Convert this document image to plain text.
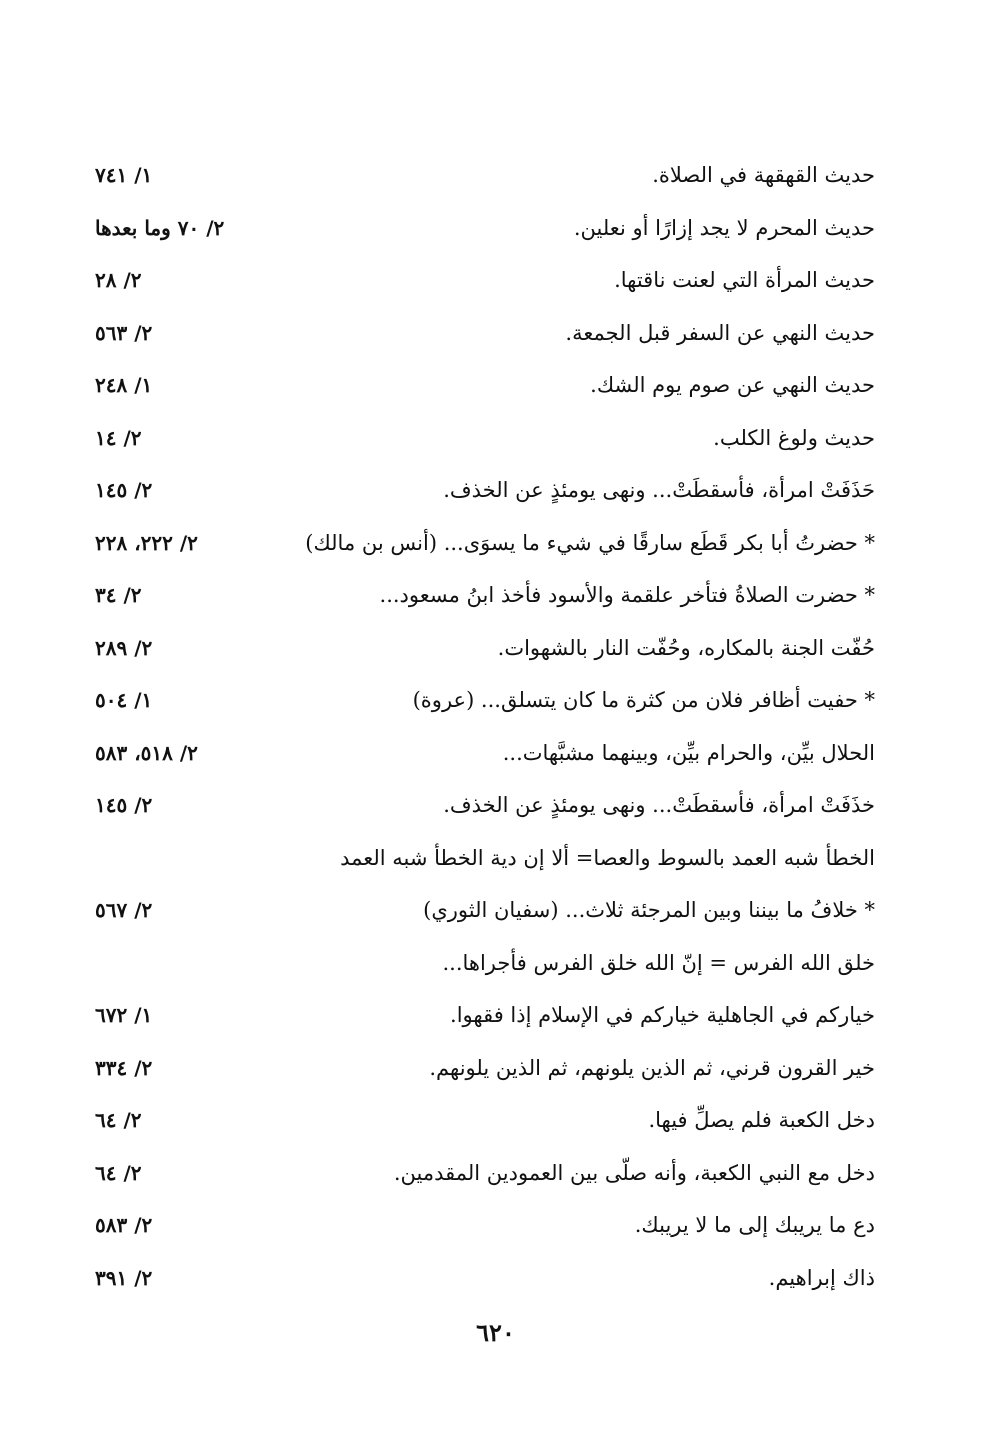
حديث القهقهة في الصلاة.
١/ ٧٤١
حديث المحرم لا يجد إزارًا أو نعلين.
٢/ ٧٠ وما بعدها
حديث المرأة التي لعنت ناقتها.
٢/ ٢٨
حديث النهي عن السفر قبل الجمعة.
٢/ ٥٦٣
حديث النهي عن صوم يوم الشك.
١/ ٢٤٨
حديث ولوغ الكلب.
٢/ ١٤
حَذَفَتْ امرأة، فأسقطَتْ... ونهى يومئذٍ عن الخذف.
٢/ ١٤٥
* حضرتُ أبا بكر قَطَع سارقًا في شيء ما يسوَى... (أنس بن مالك)
٢/ ٢٢٢، ٢٢٨
* حضرت الصلاةُ فتأخر علقمة والأسود فأخذ ابنُ مسعود...
٢/ ٣٤
حُفّت الجنة بالمكاره، وحُفّت النار بالشهوات.
٢/ ٢٨٩
* حفيت أظافر فلان من كثرة ما كان يتسلق... (عروة)
١/ ٥٠٤
الحلال بيِّن، والحرام بيِّن، وبينهما مشبَّهات...
٢/ ٥١٨، ٥٨٣
خذَفَتْ امرأة، فأسقطَتْ... ونهى يومئذٍ عن الخذف.
٢/ ١٤٥
الخطأ شبه العمد بالسوط والعصا= ألا إن دية الخطأ شبه العمد
* خلافُ ما بيننا وبين المرجئة ثلاث... (سفيان الثوري)
٢/ ٥٦٧
خلق الله الفرس = إنّ الله خلق الفرس فأجراها...
خياركم في الجاهلية خياركم في الإسلام إذا فقهوا.
١/ ٦٧٢
خير القرون قرني، ثم الذين يلونهم، ثم الذين يلونهم.
٢/ ٣٣٤
دخل الكعبة فلم يصلِّ فيها.
٢/ ٦٤
دخل مع النبي الكعبة، وأنه صلّى بين العمودين المقدمين.
٢/ ٦٤
دع ما يريبك إلى ما لا يريبك.
٢/ ٥٨٣
ذاك إبراهيم.
٢/ ٣٩١
٦٢٠
